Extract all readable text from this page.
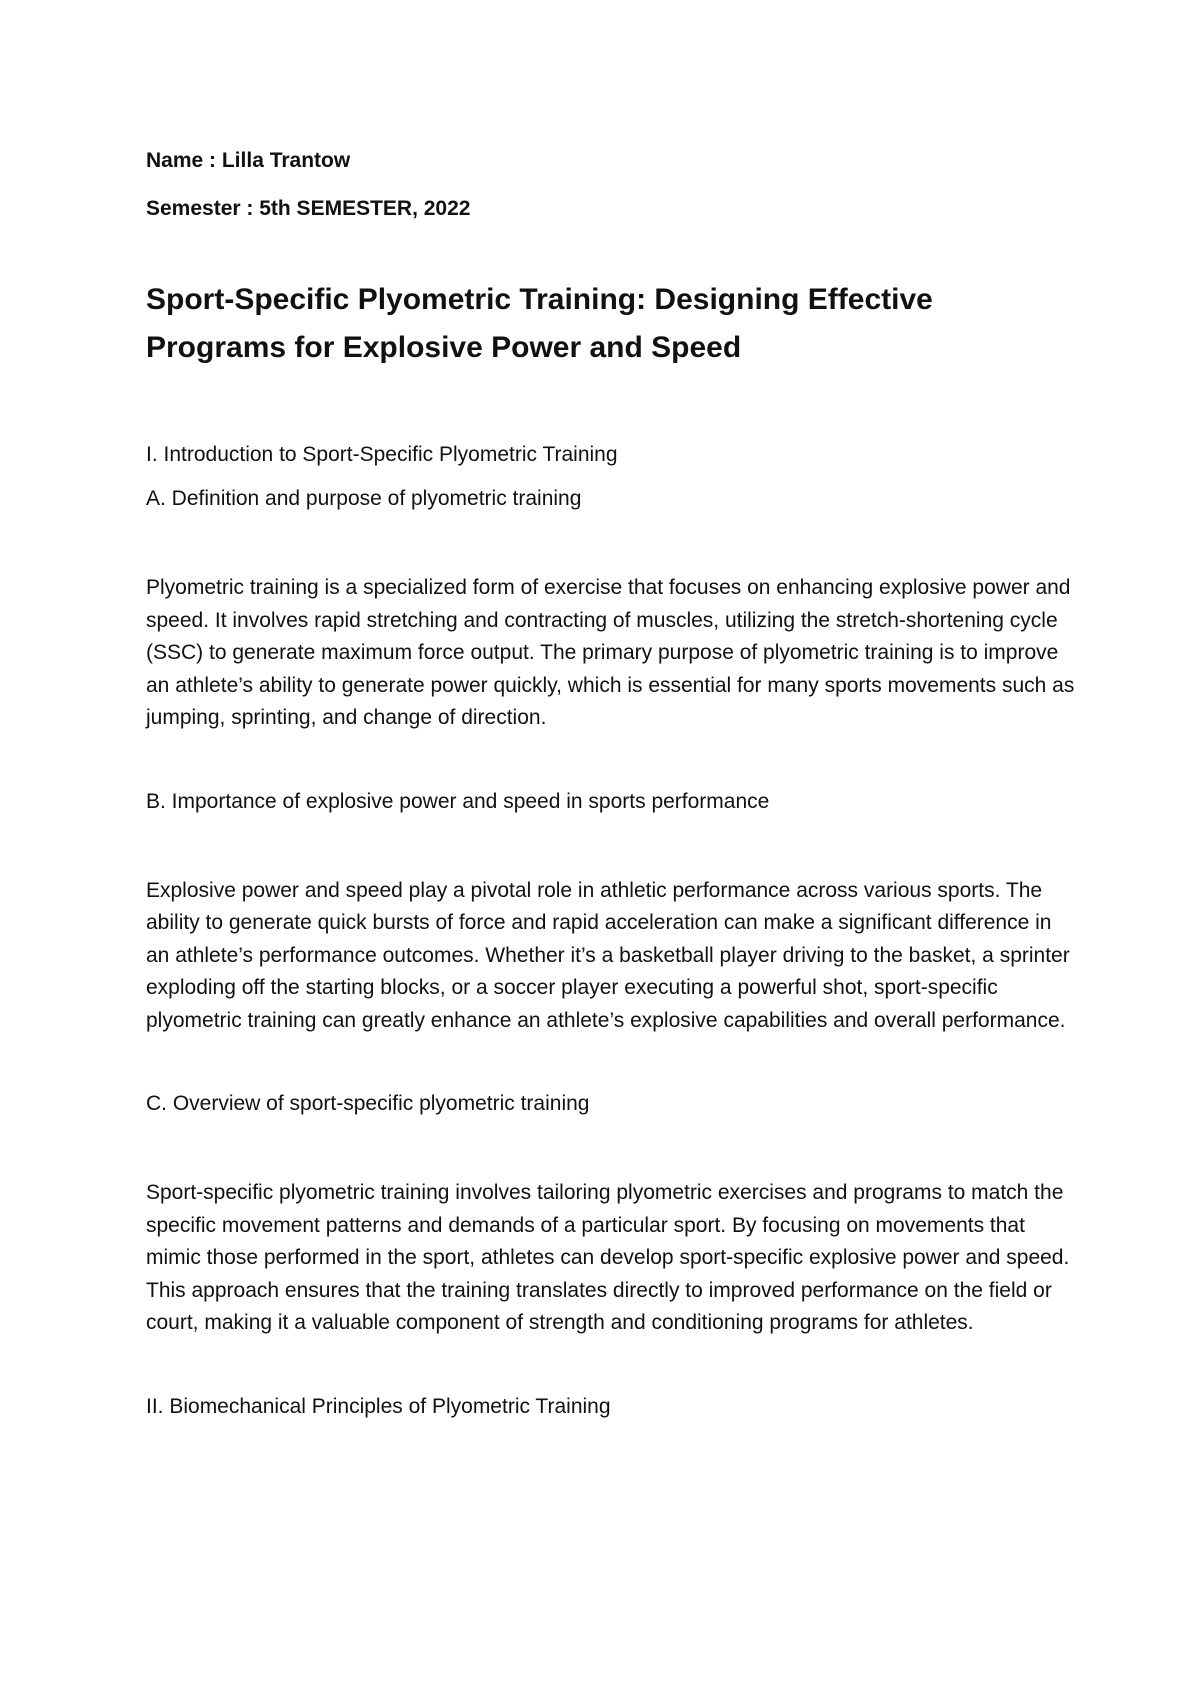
Name : Lilla Trantow
Semester : 5th SEMESTER, 2022
Sport-Specific Plyometric Training: Designing Effective Programs for Explosive Power and Speed
I. Introduction to Sport-Specific Plyometric Training
A. Definition and purpose of plyometric training

Plyometric training is a specialized form of exercise that focuses on enhancing explosive power and speed. It involves rapid stretching and contracting of muscles, utilizing the stretch-shortening cycle (SSC) to generate maximum force output. The primary purpose of plyometric training is to improve an athlete’s ability to generate power quickly, which is essential for many sports movements such as jumping, sprinting, and change of direction.

B. Importance of explosive power and speed in sports performance

Explosive power and speed play a pivotal role in athletic performance across various sports. The ability to generate quick bursts of force and rapid acceleration can make a significant difference in an athlete’s performance outcomes. Whether it’s a basketball player driving to the basket, a sprinter exploding off the starting blocks, or a soccer player executing a powerful shot, sport-specific plyometric training can greatly enhance an athlete’s explosive capabilities and overall performance.

C. Overview of sport-specific plyometric training

Sport-specific plyometric training involves tailoring plyometric exercises and programs to match the specific movement patterns and demands of a particular sport. By focusing on movements that mimic those performed in the sport, athletes can develop sport-specific explosive power and speed. This approach ensures that the training translates directly to improved performance on the field or court, making it a valuable component of strength and conditioning programs for athletes.

II. Biomechanical Principles of Plyometric Training
